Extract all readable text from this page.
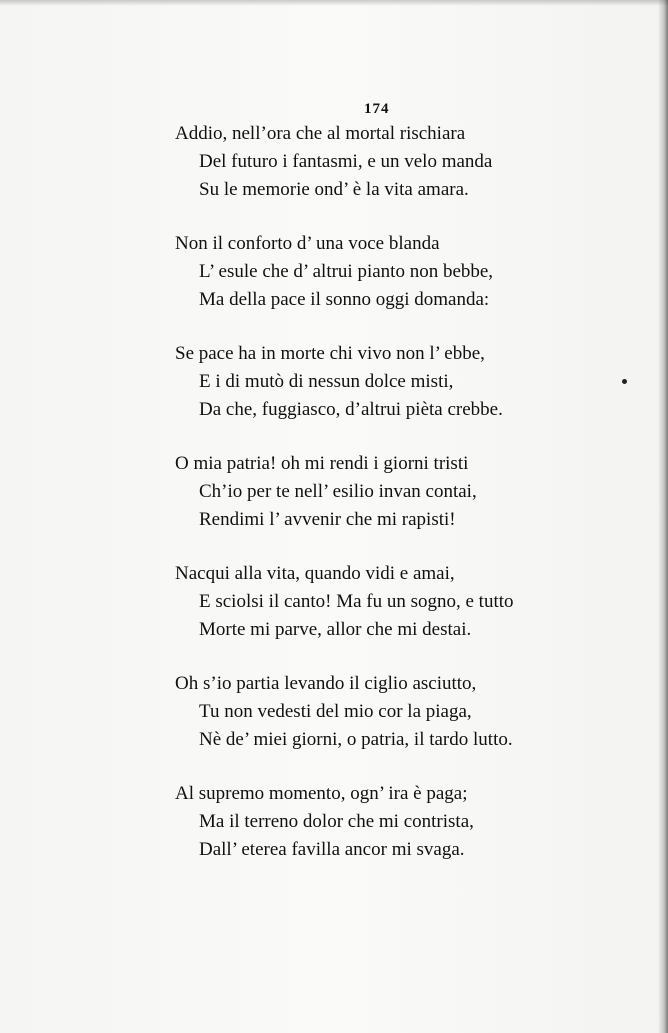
174
Addio, nell’ora che al mortal rischiara
Del futuro i fantasmi, e un velo manda
Su le memorie ond’ è la vita amara.
Non il conforto d’ una voce blanda
L’ esule che d’ altrui pianto non bebbe,
Ma della pace il sonno oggi domanda:
Se pace ha in morte chi vivo non l’ ebbe,
E i di mutò di nessun dolce misti,
Da che, fuggiasco, d’altrui pièta crebbe.
O mia patria! oh mi rendi i giorni tristi
Ch’io per te nell’ esilio invan contai,
Rendimi l’ avvenir che mi rapisti!
Nacqui alla vita, quando vidi e amai,
E sciolsi il canto! Ma fu un sogno, e tutto
Morte mi parve, allor che mi destai.
Oh s’io partia levando il ciglio asciutto,
Tu non vedesti del mio cor la piaga,
Nè de’ miei giorni, o patria, il tardo lutto.
Al supremo momento, ogn’ ira è paga;
Ma il terreno dolor che mi contrista,
Dall’ eterea favilla ancor mi svaga.
